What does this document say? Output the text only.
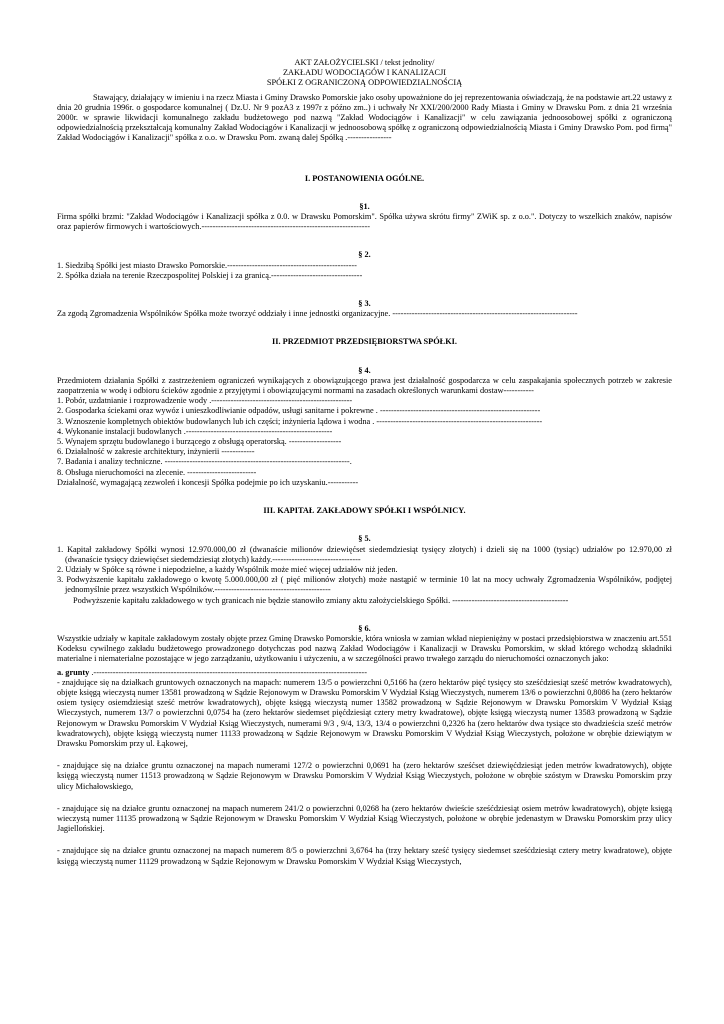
AKT ZAŁOŻYCIELSKI / tekst jednolity/
ZAKŁADU WODOCIĄGÓW I KANALIZACJI
SPÓŁKI Z OGRANICZONĄ ODPOWIEDZIALNOŚCIĄ
Stawający, działający w imieniu i na rzecz Miasta i Gminy Drawsko Pomorskie jako osoby upoważnione do jej reprezentowania oświadczają, że na podstawie art.22 ustawy z dnia 20 grudnia 1996r. o gospodarce komunalnej ( Dz.U. Nr 9 pozA3 z 1997r z późno zm..) i uchwały Nr XXI/200/2000 Rady Miasta i Gminy w Drawsku Pom. z dnia 21 września 2000r. w sprawie likwidacji komunalnego zakładu budżetowego pod nazwą "Zakład Wodociągów i Kanalizacji" w celu zawiązania jednoosobowej spółki z ograniczoną odpowiedzialnością przekształcają komunalny Zakład Wodociągów i Kanalizacji w jednoosobową spółkę z ograniczoną odpowiedzialnością Miasta i Gminy Drawsko Pom. pod firmą" Zakład Wodociągów i Kanalizacji" spółka z o.o. w Drawsku Pom. zwaną dalej Spółką .----------------
I. POSTANOWIENIA OGÓLNE.
§1.
Firma spółki brzmi: "Zakład Wodociągów i Kanalizacji spółka z 0.0. w Drawsku Pomorskim". Spółka używa skrótu firmy" ZWiK sp. z o.o.". Dotyczy to wszelkich znaków, napisów oraz papierów firmowych i wartościowych.-------------------------------------------------------------
§ 2.
1. Siedzibą Spółki jest miasto Drawsko Pomorskie.-----------------------------------------------
2. Spółka działa na terenie Rzeczpospolitej Polskiej i za granicą.---------------------------------
§ 3.
Za zgodą Zgromadzenia Wspólników Spółka może tworzyć oddziały i inne jednostki organizacyjne. -------------------------------------------------------------------
II. PRZEDMIOT PRZEDSIĘBIORSTWA SPÓŁKI.
§ 4.
Przedmiotem działania Spółki z zastrzeżeniem ograniczeń wynikających z obowiązującego prawa jest działalność gospodarcza w celu zaspakajania społecznych potrzeb w zakresie zaopatrzenia w wodę i odbioru ścieków zgodnie z przyjętymi i obowiązującymi normami na zasadach określonych warunkami dostaw-----------
1. Pobór, uzdatnianie i rozprowadzenie wody .---------------------------------------------------
2. Gospodarka ściekami oraz wywóz i unieszkodliwianie odpadów, usługi sanitarne i pokrewne . ----------------------------------------------------------
3. Wznoszenie kompletnych obiektów budowlanych lub ich części; inżynieria lądowa i wodna . ------------------------------------------------------------
4. Wykonanie instalacji budowlanych .-----------------------------------------------------
5. Wynajem sprzętu budowlanego i burzącego z obsługą operatorską. -------------------
6. Działalność w zakresie architektury, inżynierii ------------
7. Badania i analizy techniczne. -------------------------------------------------------------------.
8. Obsługa nieruchomości na zlecenie. -------------------------
Działalność, wymagającą zezwoleń i koncesji Spółka podejmie po ich uzyskaniu.-----------
III. KAPITAŁ ZAKŁADOWY SPÓŁKI I WSPÓLNICY.
§ 5.
1. Kapitał zakładowy Spółki wynosi 12.970.000,00 zł (dwanaście milionów dziewięćset siedemdziesiąt tysięcy złotych) i dzieli się na 1000 (tysiąc) udziałów po 12.970,00 zł (dwanaście tysięcy dziewięćset siedemdziesiąt złotych) każdy.--------------------------------
2. Udziały w Spółce są równe i niepodzielne, a każdy Wspólnik może mieć więcej udziałów niż jeden.
3. Podwyższenie kapitału zakładowego o kwotę 5.000.000,00 zł ( pięć milionów złotych) może nastąpić w terminie 10 lat na mocy uchwały Zgromadzenia Wspólników, podjętej jednomyślnie przez wszystkich Wspólników.------------------------------------------
Podwyższenie kapitału zakładowego w tych granicach nie będzie stanowiło zmiany aktu założycielskiego Spółki. ------------------------------------------
§ 6.
Wszystkie udziały w kapitale zakładowym zostały objęte przez Gminę Drawsko Pomorskie, która wniosła w zamian wkład niepieniężny w postaci przedsiębiorstwa w znaczeniu art.551 Kodeksu cywilnego zakładu budżetowego prowadzonego dotychczas pod nazwą Zakład Wodociągów i Kanalizacji w Drawsku Pomorskim, w skład którego wchodzą składniki materialne i niematerialne pozostające w jego zarządzaniu, użytkowaniu i użyczeniu, a w szczególności prawo trwałego zarządu do nieruchomości oznaczonych jako:
a. grunty .---------------------------------------------------------------------------------------------------
- znajdujące się na działkach gruntowych oznaczonych na mapach: numerem 13/5 o powierzchni 0,5166 ha (zero hektarów pięć tysięcy sto sześćdziesiąt sześć metrów kwadratowych), objęte księgą wieczystą numer 13581 prowadzoną w Sądzie Rejonowym w Drawsku Pomorskim V Wydział Ksiąg Wieczystych, numerem 13/6 o powierzchni 0,8086 ha (zero hektarów osiem tysięcy osiemdziesiąt sześć metrów kwadratowych), objęte księgą wieczystą numer 13582 prowadzoną w Sądzie Rejonowym w Drawsku Pomorskim V Wydział Ksiąg Wieczystych, numerem 13/7 o powierzchni 0,0754 ha (zero hektarów siedemset pięćdziesiąt cztery metry kwadratowe), objęte księgą wieczystą numer 13583 prowadzoną w Sądzie Rejonowym w Drawsku Pomorskim V Wydział Ksiąg Wieczystych, numerami 9/3 , 9/4, 13/3, 13/4 o powierzchni 0,2326 ha (zero hektarów dwa tysiące sto dwadzieścia sześć metrów kwadratowych), objęte księgą wieczystą numer 11133 prowadzoną w Sądzie Rejonowym w Drawsku Pomorskim V Wydział Ksiąg Wieczystych, położone w obrębie dziewiątym w Drawsku Pomorskim przy ul. Łąkowej,
- znajdujące się na działce gruntu oznaczonej na mapach numerami 127/2 o powierzchni 0,0691 ha (zero hektarów sześćset dziewięćdziesiąt jeden metrów kwadratowych), objęte księgą wieczystą numer 11513 prowadzoną w Sądzie Rejonowym w Drawsku Pomorskim V Wydział Ksiąg Wieczystych, położone w obrębie szóstym w Drawsku Pomorskim przy ulicy Michałowskiego,
- znajdujące się na działce gruntu oznaczonej na mapach numerem 241/2 o powierzchni 0,0268 ha (zero hektarów dwieście sześćdziesiąt osiem metrów kwadratowych), objęte księgą wieczystą numer 11135 prowadzoną w Sądzie Rejonowym w Drawsku Pomorskim V Wydział Ksiąg Wieczystych, położone w obrębie jedenastym w Drawsku Pomorskim przy ulicy Jagiellońskiej.
- znajdujące się na działce gruntu oznaczonej na mapach numerem 8/5 o powierzchni 3,6764 ha (trzy hektary sześć tysięcy siedemset sześćdziesiąt cztery metry kwadratowe), objęte księgą wieczystą numer 11129 prowadzoną w Sądzie Rejonowym w Drawsku Pomorskim V Wydział Ksiąg Wieczystych,
